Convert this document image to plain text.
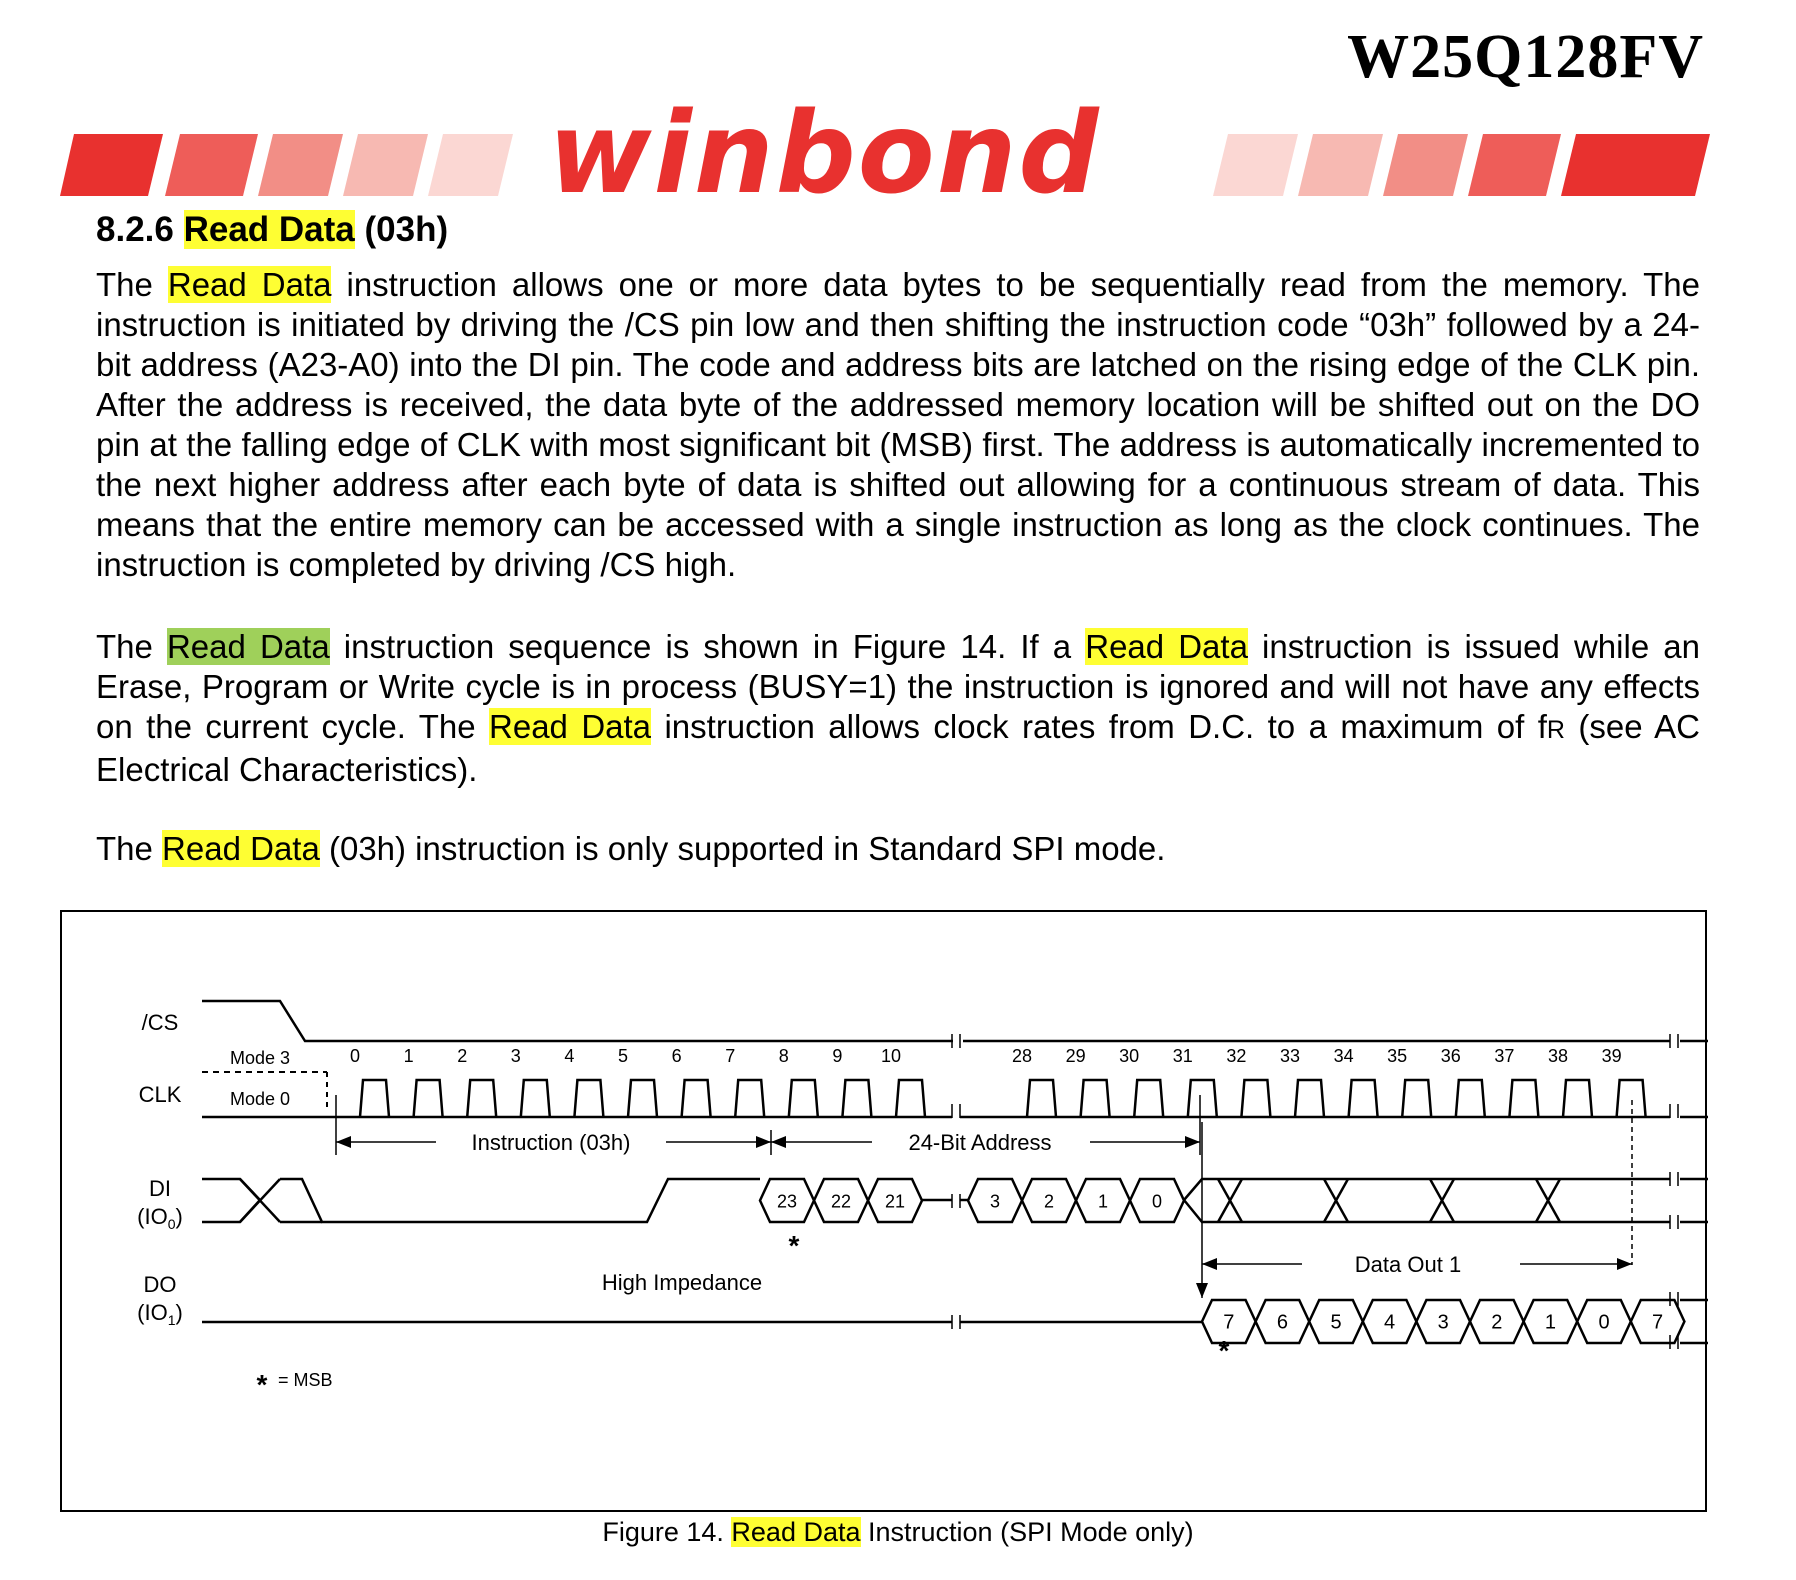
W25Q128FV
winbond
8.2.6 Read Data (03h)
The Read Data instruction allows one or more data bytes to be sequentially read from the memory. The instruction is initiated by driving the /CS pin low and then shifting the instruction code “03h” followed by a 24-bit address (A23-A0) into the DI pin. The code and address bits are latched on the rising edge of the CLK pin. After the address is received, the data byte of the addressed memory location will be shifted out on the DO pin at the falling edge of CLK with most significant bit (MSB) first. The address is automatically incremented to the next higher address after each byte of data is shifted out allowing for a continuous stream of data. This means that the entire memory can be accessed with a single instruction as long as the clock continues. The instruction is completed by driving /CS high.
The Read Data instruction sequence is shown in Figure 14. If a Read Data instruction is issued while an Erase, Program or Write cycle is in process (BUSY=1) the instruction is ignored and will not have any effects on the current cycle. The Read Data instruction allows clock rates from D.C. to a maximum of fR (see AC Electrical Characteristics).
The Read Data (03h) instruction is only supported in Standard SPI mode.
/CS
CLK
DI
$(IO_0)$
DO
$(IO_1)$
Mode 3
Mode 0
0 1 2 3 4 5 6 7 8 9 10	28 29 30 31 32 33 34 35 36 37 38 39
Instruction (03h)	24-Bit Address
23 22 21	3 2 1 0
*
Data Out 1
High Impedance
7 6 5 4 3 2 1 0 7
*
* = MSB
Figure 14. Read Data Instruction (SPI Mode only)
